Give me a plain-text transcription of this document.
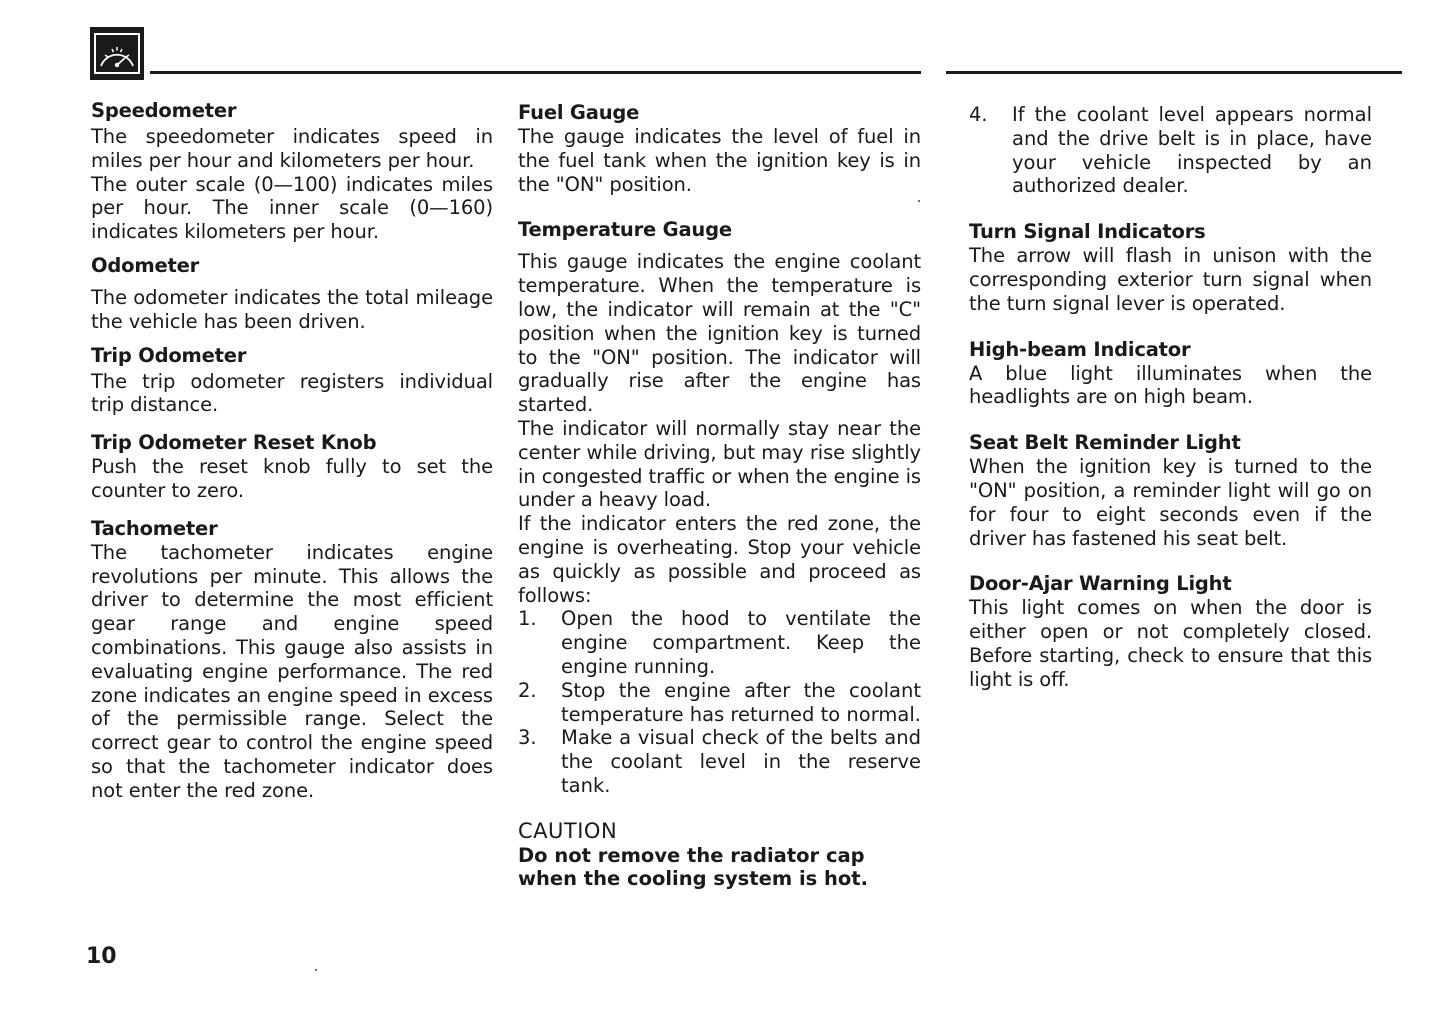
Speedometer

The speedometer indicates speed in miles per hour and kilometers per hour.

The outer scale (0—100) indicates miles per hour. The inner scale (0—160) indicates kilometers per hour.

Odometer

The odometer indicates the total mileage the vehicle has been driven.

Trip Odometer

The trip odometer registers individual trip distance.

Trip Odometer Reset Knob

Push the reset knob fully to set the counter to zero.

Tachometer

The tachometer indicates engine revolutions per minute. This allows the driver to determine the most efficient gear range and engine speed combinations. This gauge also assists in evaluating engine performance. The red zone indicates an engine speed in excess of the permissible range. Select the correct gear to control the engine speed so that the tachometer indicator does not enter the red zone.

Fuel Gauge

The gauge indicates the level of fuel in the fuel tank when the ignition key is in the "ON" position.

Temperature Gauge

This gauge indicates the engine coolant temperature. When the temperature is low, the indicator will remain at the "C" position when the ignition key is turned to the "ON" position. The indicator will gradually rise after the engine has started.

The indicator will normally stay near the center while driving, but may rise slightly in congested traffic or when the engine is under a heavy load.

If the indicator enters the red zone, the engine is overheating. Stop your vehicle as quickly as possible and proceed as follows:

1.	Open the hood to ventilate the engine compartment. Keep the engine running.
2.	Stop the engine after the coolant temperature has returned to normal.
3.	Make a visual check of the belts and the coolant level in the reserve tank.
CAUTION

Do not remove the radiator cap when the cooling system is hot.

4.	If the coolant level appears normal and the drive belt is in place, have your vehicle inspected by an authorized dealer.
Turn Signal Indicators

The arrow will flash in unison with the corresponding exterior turn signal when the turn signal lever is operated.

High-beam Indicator

A blue light illuminates when the headlights are on high beam.

Seat Belt Reminder Light

When the ignition key is turned to the "ON" position, a reminder light will go on for four to eight seconds even if the driver has fastened his seat belt.

Door-Ajar Warning Light

This light comes on when the door is either open or not completely closed. Before starting, check to ensure that this light is off.

10
